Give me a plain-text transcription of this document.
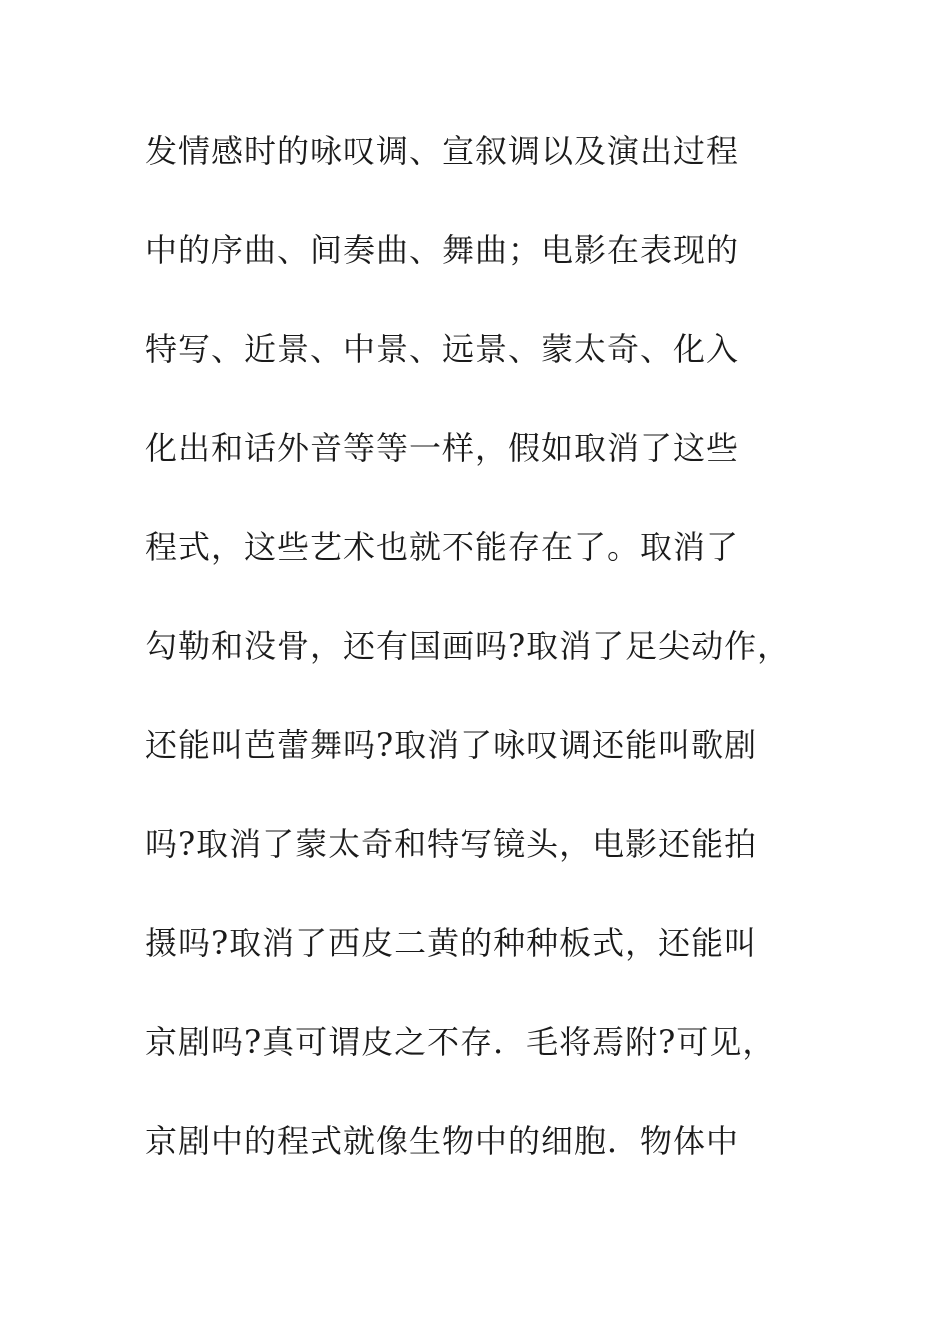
发情感时的咏叹调、宣叙调以及演出过程
中的序曲、间奏曲、舞曲；电影在表现的
特写、近景、中景、远景、蒙太奇、化入
化出和话外音等等一样，假如取消了这些
程式，这些艺术也就不能存在了。取消了
勾勒和没骨，还有国画吗?取消了足尖动作，
还能叫芭蕾舞吗?取消了咏叹调还能叫歌剧
吗?取消了蒙太奇和特写镜头，电影还能拍
摄吗?取消了西皮二黄的种种板式，还能叫
京剧吗?真可谓皮之不存．毛将焉附?可见，
京剧中的程式就像生物中的细胞．物体中
